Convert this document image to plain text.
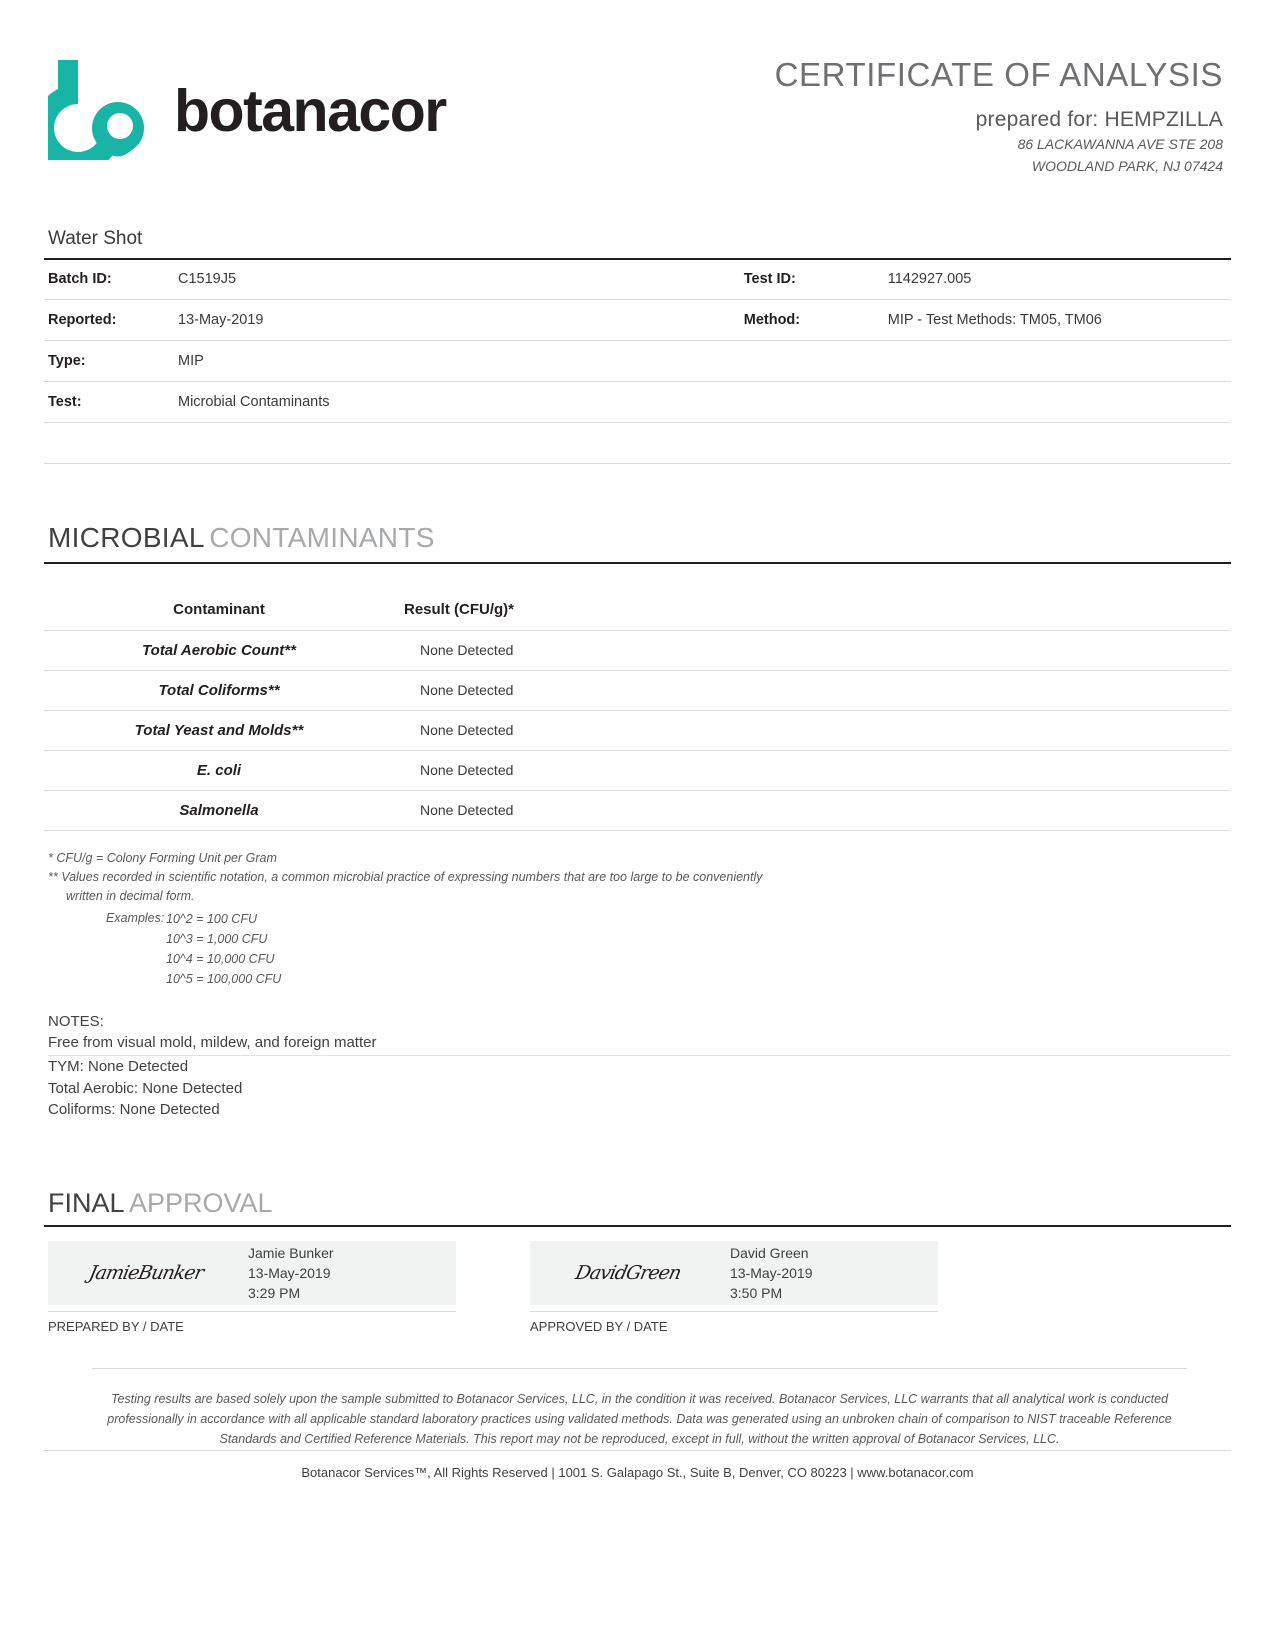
botanacor
CERTIFICATE OF ANALYSIS
prepared for: HEMPZILLA
86 LACKAWANNA AVE STE 208
WOODLAND PARK, NJ 07424
Water Shot
Batch ID:	C1519J5	Test ID:	1142927.005
Reported:	13-May-2019	Method:	MIP - Test Methods: TM05, TM06
Type:	MIP		
Test:	Microbial Contaminants		

MICROBIAL CONTAMINANTS
Contaminant	Result (CFU/g)*
Total Aerobic Count**	None Detected
Total Coliforms**	None Detected
Total Yeast and Molds**	None Detected
E. coli	None Detected
Salmonella	None Detected
* CFU/g = Colony Forming Unit per Gram
** Values recorded in scientific notation, a common microbial practice of expressing numbers that are too large to be conveniently
written in decimal form.
Examples: 10^2 = 100 CFU
10^3 = 1,000 CFU
10^4 = 10,000 CFU
10^5 = 100,000 CFU
NOTES:
Free from visual mold, mildew, and foreign matter
TYM: None Detected
Total Aerobic: None Detected
Coliforms: None Detected
FINAL APPROVAL
JamieBunker
Jamie Bunker
13-May-2019
3:29 PM
PREPARED BY / DATE
DavidGreen
David Green
13-May-2019
3:50 PM
APPROVED BY / DATE
Testing results are based solely upon the sample submitted to Botanacor Services, LLC, in the condition it was received. Botanacor Services, LLC warrants that all analytical work is conducted professionally in accordance with all applicable standard laboratory practices using validated methods. Data was generated using an unbroken chain of comparison to NIST traceable Reference Standards and Certified Reference Materials. This report may not be reproduced, except in full, without the written approval of Botanacor Services, LLC.
Botanacor Services™, All Rights Reserved | 1001 S. Galapago St., Suite B, Denver, CO 80223 | www.botanacor.com
